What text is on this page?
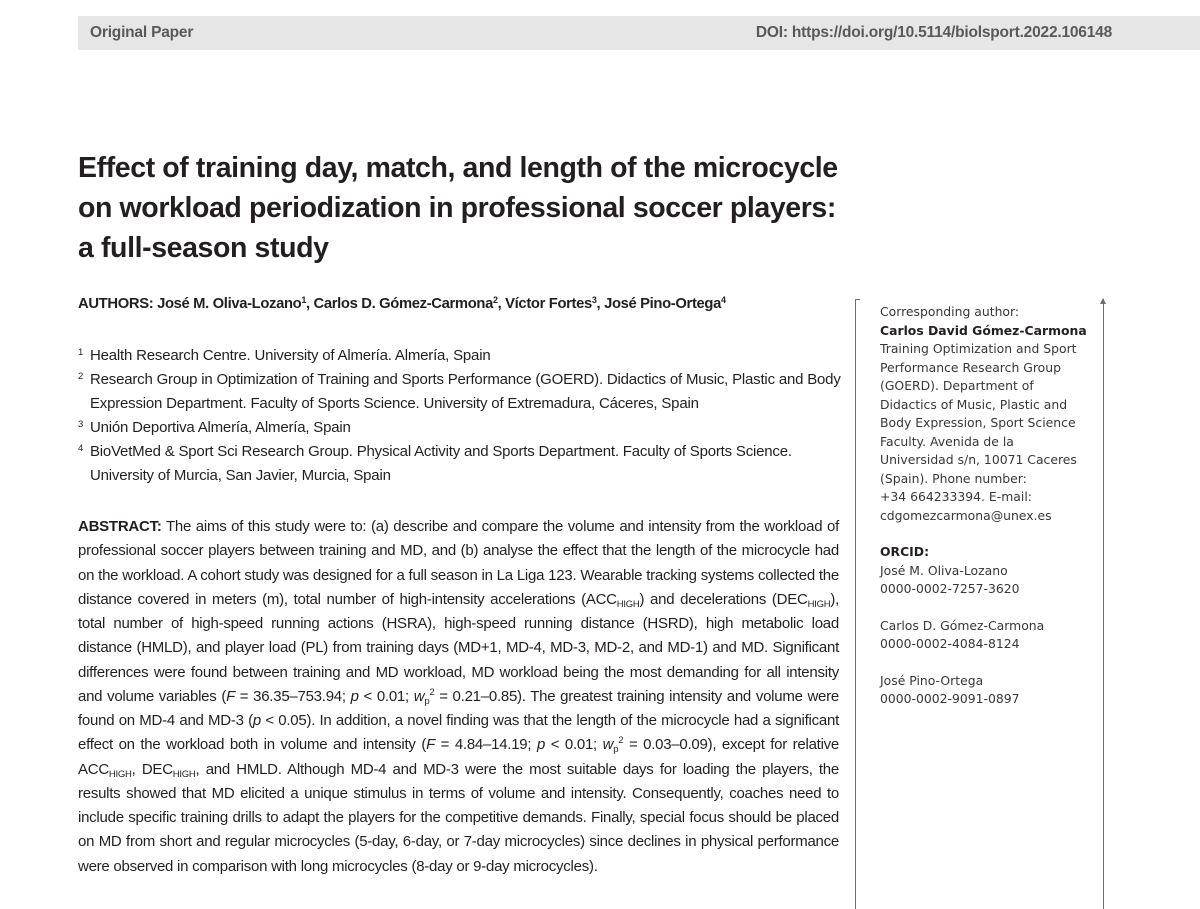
Original Paper	DOI: https://doi.org/10.5114/biolsport.2022.106148
Effect of training day, match, and length of the microcycle
on workload periodization in professional soccer players:
a full-season study
AUTHORS: José M. Oliva-Lozano$^1$, Carlos D. Gómez-Carmona$^2$, Víctor Fortes$^3$, José Pino-Ortega$^4$
1 Health Research Centre. University of Almería. Almería, Spain
2 Research Group in Optimization of Training and Sports Performance (GOERD). Didactics of Music, Plastic and Body Expression Department. Faculty of Sports Science. University of Extremadura, Cáceres, Spain
3 Unión Deportiva Almería, Almería, Spain
4 BioVetMed & Sport Sci Research Group. Physical Activity and Sports Department. Faculty of Sports Science. University of Murcia, San Javier, Murcia, Spain

ABSTRACT: The aims of this study were to: (a) describe and compare the volume and intensity from the workload of professional soccer players between training and MD, and (b) analyse the effect that the length of the microcycle had on the workload. A cohort study was designed for a full season in La Liga 123. Wearable tracking systems collected the distance covered in meters (m), total number of high-intensity accelerations $(ACC_{HIGH})$ and decelerations $(DEC_{HIGH})$, total number of high-speed running actions (HSRA), high-speed running distance (HSRD), high metabolic load distance (HMLD), and player load (PL) from training days (MD+1, MD-4, MD-3, MD-2, and MD-1) and MD. Significant differences were found between training and MD workload, MD workload being the most demanding for all intensity and volume variables (F = 36.35–753.94; p < 0.01; $w_p^2 = 0.21-0.85$). The greatest training intensity and volume were found on MD-4 and MD-3 (p < 0.05). In addition, a novel finding was that the length of the microcycle had a significant effect on the workload both in volume and intensity (F = 4.84–14.19; p < 0.01; $w_p^2 = 0.03-0.09$), except for relative $ACC_{HIGH}$, $DEC_{HIGH}$, and HMLD. Although MD-4 and MD-3 were the most suitable days for loading the players, the results showed that MD elicited a unique stimulus in terms of volume and intensity. Consequently, coaches need to include specific training drills to adapt the players for the competitive demands. Finally, special focus should be placed on MD from short and regular microcycles (5-day, 6-day, or 7-day microcycles) since declines in physical performance were observed in comparison with long microcycles (8-day or 9-day microcycles).

Corresponding author:
Carlos David Gómez-Carmona
Training Optimization and Sport
Performance Research Group
(GOERD). Department of
Didactics of Music, Plastic and
Body Expression, Sport Science
Faculty. Avenida de la
Universidad s/n, 10071 Caceres
(Spain). Phone number:
+34 664233394. E-mail:
cdgomezcarmona@unex.es
ORCID:
José M. Oliva-Lozano
0000-0002-7257-3620
Carlos D. Gómez-Carmona
0000-0002-4084-8124
José Pino-Ortega
0000-0002-9091-0897
